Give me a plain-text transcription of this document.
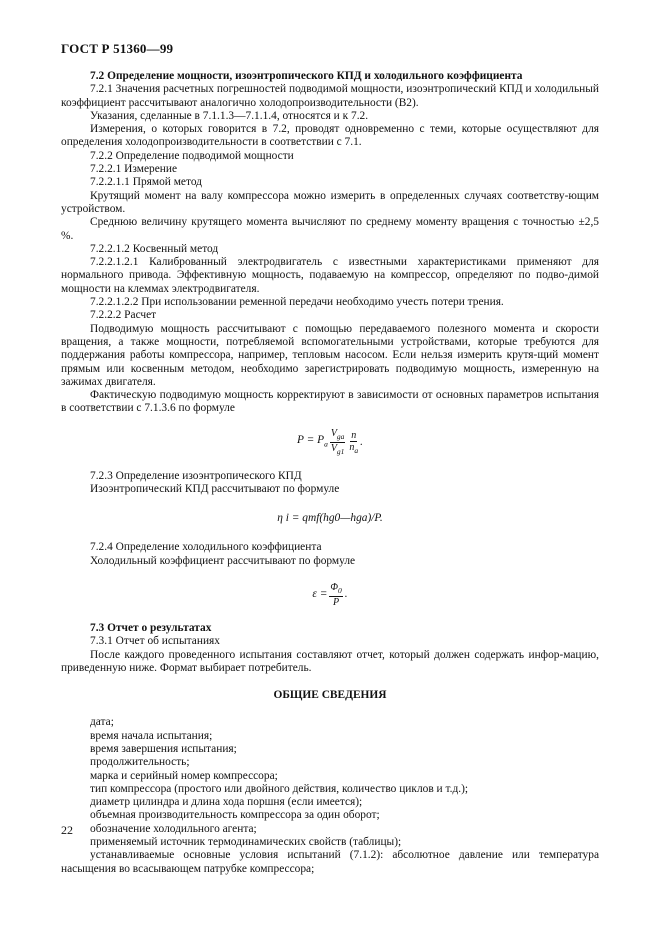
ГОСТ Р 51360—99

7.2 Определение мощности, изоэнтропического КПД и холодильного коэффициента

7.2.1 Значения расчетных погрешностей подводимой мощности, изоэнтропический КПД и холодильный коэффициент рассчитывают аналогично холодопроизводительности (В2).

Указания, сделанные в 7.1.1.3—7.1.1.4, относятся и к 7.2.

Измерения, о которых говорится в 7.2, проводят одновременно с теми, которые осуществляют для определения холодопроизводительности в соответствии с 7.1.

7.2.2 Определение подводимой мощности

7.2.2.1 Измерение

7.2.2.1.1 Прямой метод

Крутящий момент на валу компрессора можно измерить в определенных случаях соответству-ющим устройством.

Среднюю величину крутящего момента вычисляют по среднему моменту вращения с точностью ±2,5 %.

7.2.2.1.2 Косвенный метод

7.2.2.1.2.1 Калиброванный электродвигатель с известными характеристиками применяют для нормального привода. Эффективную мощность, подаваемую на компрессор, определяют по подво-димой мощности на клеммах электродвигателя.

7.2.2.1.2.2 При использовании ременной передачи необходимо учесть потери трения.

7.2.2.2 Расчет

Подводимую мощность рассчитывают с помощью передаваемого полезного момента и скорости вращения, а также мощности, потребляемой вспомогательными устройствами, которые требуются для поддержания работы компрессора, например, тепловым насосом. Если нельзя измерить крутя-щий момент прямым или косвенным методом, необходимо зарегистрировать подводимую мощность, измеренную на зажимах двигателя.

Фактическую подводимую мощность корректируют в зависимости от основных параметров испытания в соответствии с 7.1.3.6 по формуле

$P = P_a \frac{V_{ga}}{V_{g1}} \frac{n}{n_a}$ .

7.2.3 Определение изоэнтропического КПД

Изоэнтропический КПД рассчитывают по формуле

η i = qmf(hg0—hga)/P.

7.2.4 Определение холодильного коэффициента

Холодильный коэффициент рассчитывают по формуле

$\varepsilon = \frac{\Phi_0}{P}$ .

7.3 Отчет о результатах

7.3.1 Отчет об испытаниях

После каждого проведенного испытания составляют отчет, который должен содержать инфор-мацию, приведенную ниже. Формат выбирает потребитель.

ОБЩИЕ СВЕДЕНИЯ

дата;

время начала испытания;

время завершения испытания;

продолжительность;

марка и серийный номер компрессора;

тип компрессора (простого или двойного действия, количество циклов и т.д.);

диаметр цилиндра и длина хода поршня (если имеется);

объемная производительность компрессора за один оборот;

обозначение холодильного агента;

применяемый источник термодинамических свойств (таблицы);

устанавливаемые основные условия испытаний (7.1.2): абсолютное давление или температура насыщения во всасывающем патрубке компрессора;

22
